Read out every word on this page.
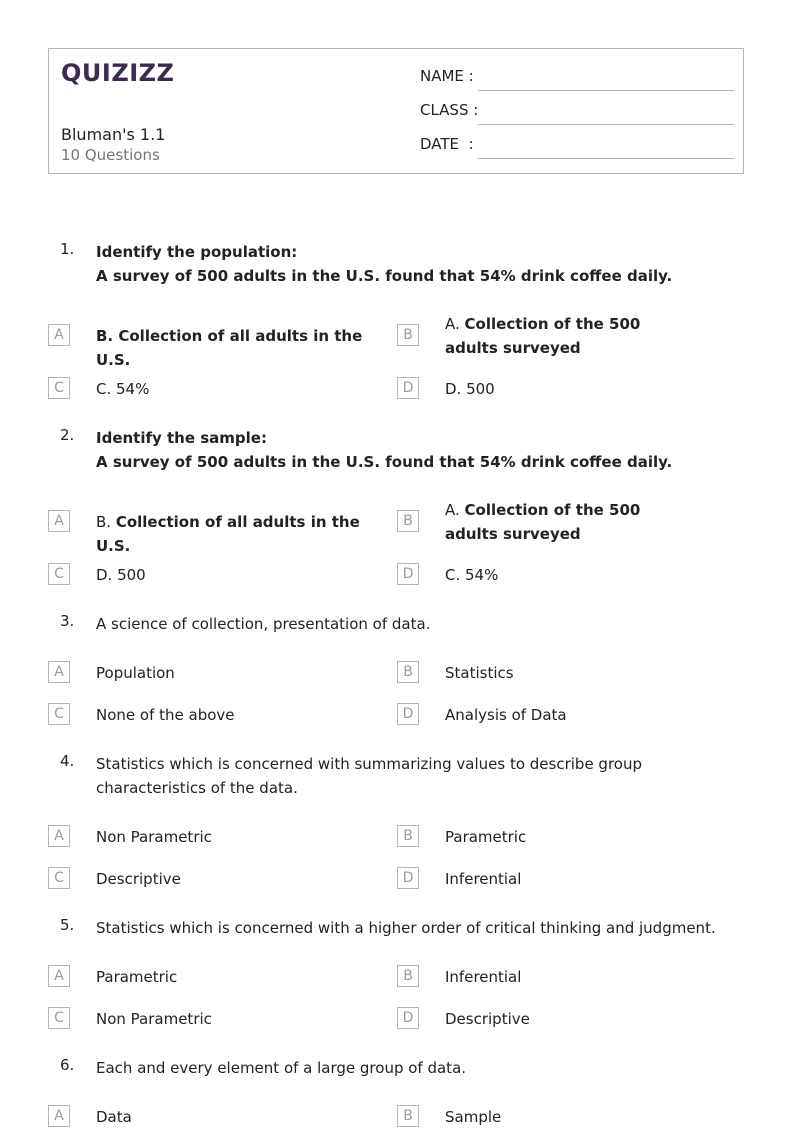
QUIZIZZ
Bluman's 1.1
10 Questions
NAME :
CLASS :
DATE  :
1. Identify the population:
A survey of 500 adults in the U.S. found that 54% drink coffee daily.
A	B. Collection of all adults in the U.S.
B
A. Collection of the 500 adults surveyed
C	C. 54%	D	D. 500
2. Identify the sample:
A survey of 500 adults in the U.S. found that 54% drink coffee daily.
A	B. Collection of all adults in the U.S.
B
A. Collection of the 500 adults surveyed
C	D. 500	D	C. 54%
3. A science of collection, presentation of data.
A	Population	B	Statistics
C	None of the above	D	Analysis of Data
4. Statistics which is concerned with summarizing values to describe group characteristics of the data.
A	Non Parametric	B	Parametric
C	Descriptive	D	Inferential
5. Statistics which is concerned with a higher order of critical thinking and judgment.
A	Parametric	B	Inferential
C	Non Parametric	D	Descriptive
6. Each and every element of a large group of data.
A	Data	B	Sample
